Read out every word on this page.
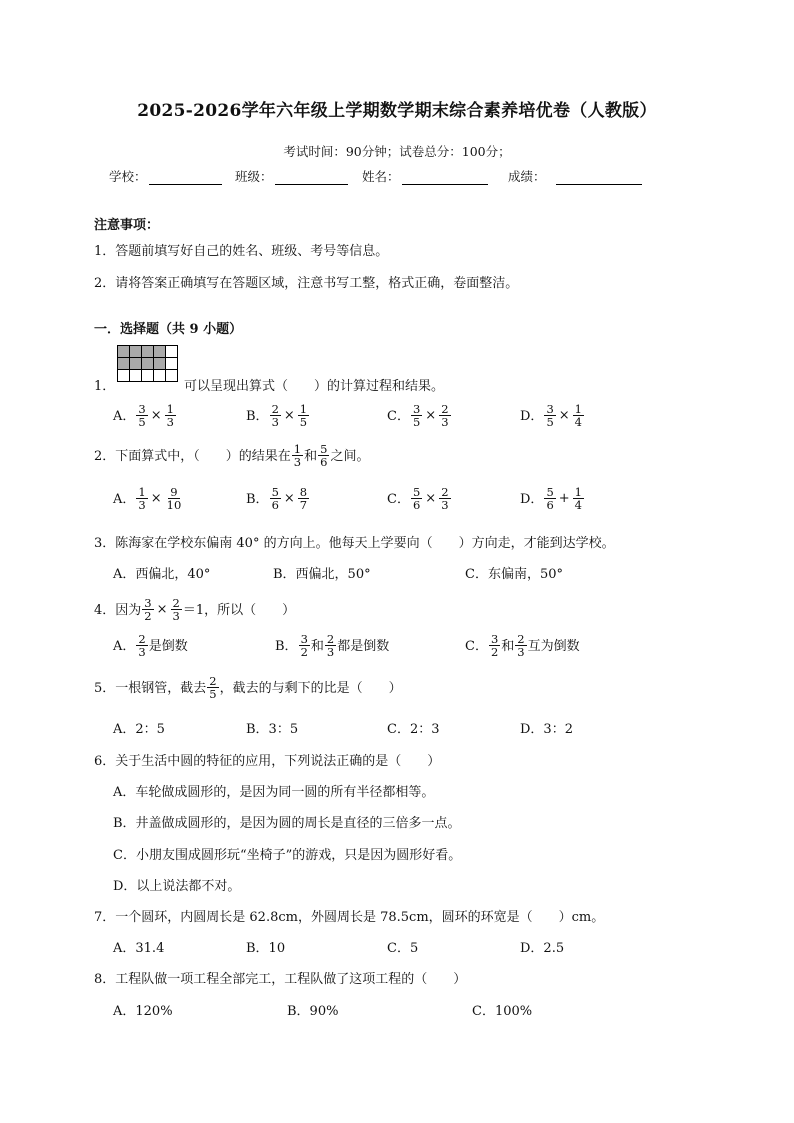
2025-2026学年六年级上学期数学期末综合素养培优卷（人教版）
考试时间：90分钟；试卷总分：100分；
学校：	班级：	姓名：	成绩：
注意事项：
1．答题前填写好自己的姓名、班级、考号等信息。
2．请将答案正确填写在答题区域，注意书写工整，格式正确，卷面整洁。
一．选择题（共 9 小题）
1．	可以呈现出算式（　　）的计算过程和结果。
A． $\frac{3}{5} \times \frac{1}{3}$	B． $\frac{2}{3} \times \frac{1}{5}$	C． $\frac{3}{5} \times \frac{2}{3}$	D． $\frac{3}{5} \times \frac{1}{4}$
2．下面算式中，（　　）的结果在 $\frac{1}{3}$ 和 $\frac{5}{6}$ 之间。
A． $\frac{1}{3} \times \frac{9}{10}$	B． $\frac{5}{6} \times \frac{8}{7}$	C． $\frac{5}{6} \times \frac{2}{3}$	D． $\frac{5}{6} + \frac{1}{4}$
3．陈海家在学校东偏南 40° 的方向上。他每天上学要向（　　）方向走，才能到达学校。
A．西偏北，40°	B．西偏北，50°	C．东偏南，50°
4．因为 $\frac{3}{2} \times \frac{2}{3} =1$，所以（　　）
A． $\frac{2}{3}$ 是倒数	B． $\frac{3}{2}$ 和 $\frac{2}{3}$ 都是倒数	C． $\frac{3}{2}$ 和 $\frac{2}{3}$ 互为倒数
5．一根钢管，截去 $\frac{2}{5}$ ，截去的与剩下的比是（　　）
A．2：5	B．3：5	C．2：3	D．3：2
6．关于生活中圆的特征的应用，下列说法正确的是（　　）
A．车轮做成圆形的，是因为同一圆的所有半径都相等。
B．井盖做成圆形的，是因为圆的周长是直径的三倍多一点。
C．小朋友围成圆形玩“坐椅子”的游戏，只是因为圆形好看。
D．以上说法都不对。
7．一个圆环，内圆周长是 62.8cm，外圆周长是 78.5cm，圆环的环宽是（　　）cm。
A．31.4	B．10	C．5	D．2.5
8．工程队做一项工程全部完工，工程队做了这项工程的（　　）
A．120%	B．90%	C．100%
